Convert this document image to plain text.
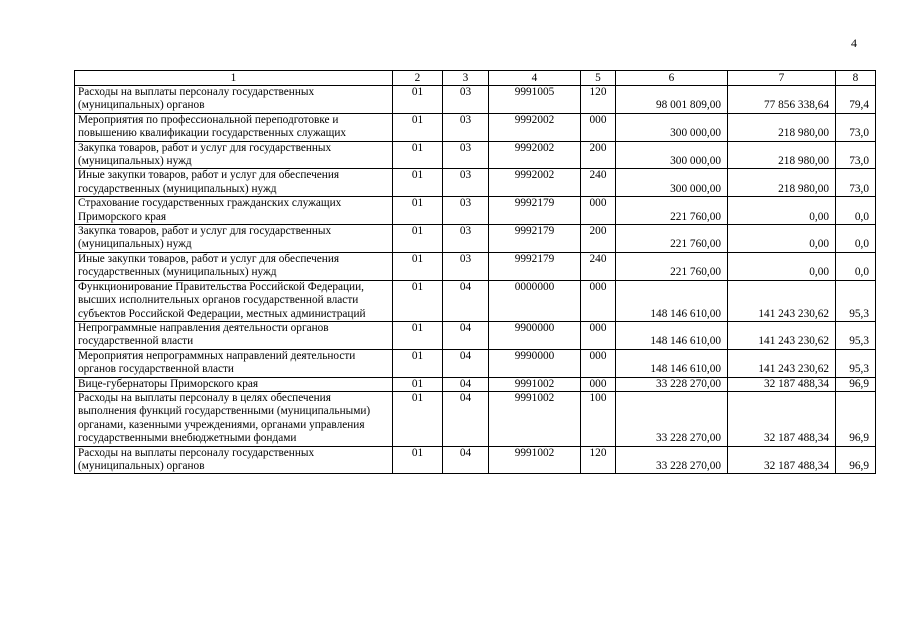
4
1	2	3	4	5	6	7	8
Расходы на выплаты персоналу государственных (муниципальных) органов	01	03	9991005	120	98 001 809,00	77 856 338,64	79,4
Мероприятия по профессиональной переподготовке и повышению квалификации государственных служащих	01	03	9992002	000	300 000,00	218 980,00	73,0
Закупка товаров, работ и услуг для государственных (муниципальных) нужд	01	03	9992002	200	300 000,00	218 980,00	73,0
Иные закупки товаров, работ и услуг для обеспечения государственных (муниципальных) нужд	01	03	9992002	240	300 000,00	218 980,00	73,0
Страхование государственных гражданских служащих Приморского края	01	03	9992179	000	221 760,00	0,00	0,0
Закупка товаров, работ и услуг для государственных (муниципальных) нужд	01	03	9992179	200	221 760,00	0,00	0,0
Иные закупки товаров, работ и услуг для обеспечения государственных (муниципальных) нужд	01	03	9992179	240	221 760,00	0,00	0,0
Функционирование Правительства Российской Федерации, высших исполнительных органов государственной власти субъектов Российской Федерации, местных администраций	01	04	0000000	000	148 146 610,00	141 243 230,62	95,3
Непрограммные направления деятельности органов государственной власти	01	04	9900000	000	148 146 610,00	141 243 230,62	95,3
Мероприятия непрограммных направлений деятельности органов государственной власти	01	04	9990000	000	148 146 610,00	141 243 230,62	95,3
Вице-губернаторы Приморского края	01	04	9991002	000	33 228 270,00	32 187 488,34	96,9
Расходы на выплаты персоналу в целях обеспечения выполнения функций государственными (муниципальными) органами, казенными учреждениями, органами управления государственными внебюджетными фондами	01	04	9991002	100	33 228 270,00	32 187 488,34	96,9
Расходы на выплаты персоналу государственных (муниципальных) органов	01	04	9991002	120	33 228 270,00	32 187 488,34	96,9
